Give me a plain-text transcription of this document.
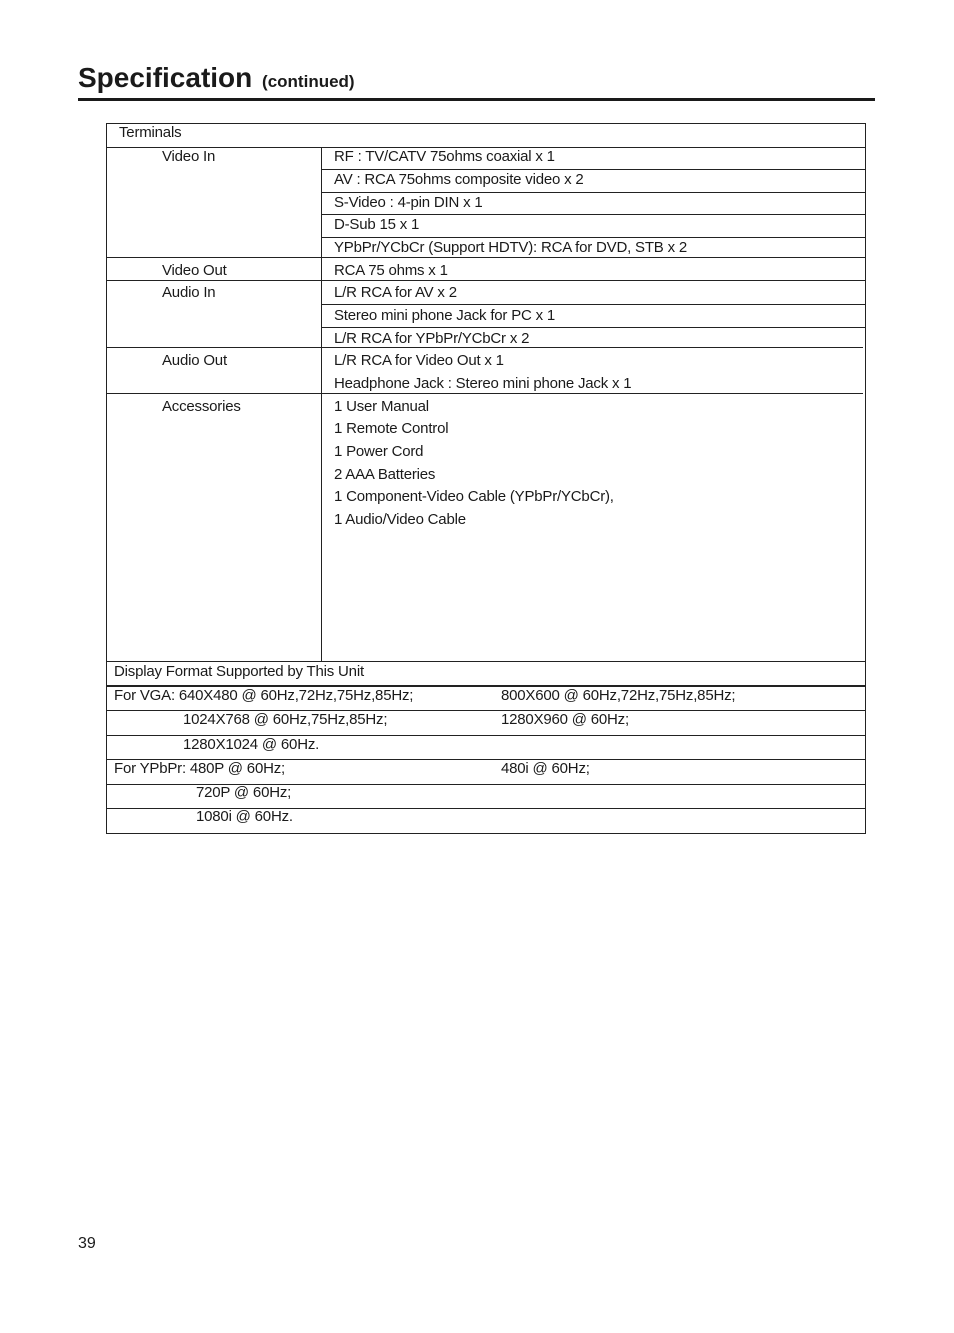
Specification (continued)
Terminals
Video In	RF : TV/CATV 75ohms coaxial x 1
AV : RCA 75ohms composite video x 2
S-Video : 4-pin DIN x 1
D-Sub 15 x 1
YPbPr/YCbCr (Support HDTV): RCA for DVD, STB x 2
Video Out	RCA 75 ohms x 1
Audio In	L/R RCA for AV x 2
Stereo mini phone Jack for PC x 1
L/R RCA for YPbPr/YCbCr x 2
Audio Out	L/R RCA for Video Out x 1
Headphone Jack : Stereo mini phone Jack x 1
Accessories	1 User Manual
1 Remote Control
1 Power Cord
2 AAA Batteries
1 Component-Video Cable (YPbPr/YCbCr),
1 Audio/Video Cable
Display Format Supported by This Unit
For VGA: 640X480 @ 60Hz,72Hz,75Hz,85Hz;	800X600 @ 60Hz,72Hz,75Hz,85Hz;
1024X768 @ 60Hz,75Hz,85Hz;	1280X960 @ 60Hz;
1280X1024 @ 60Hz.
For YPbPr: 480P @ 60Hz;	480i @ 60Hz;
720P @ 60Hz;
1080i @ 60Hz.
39
